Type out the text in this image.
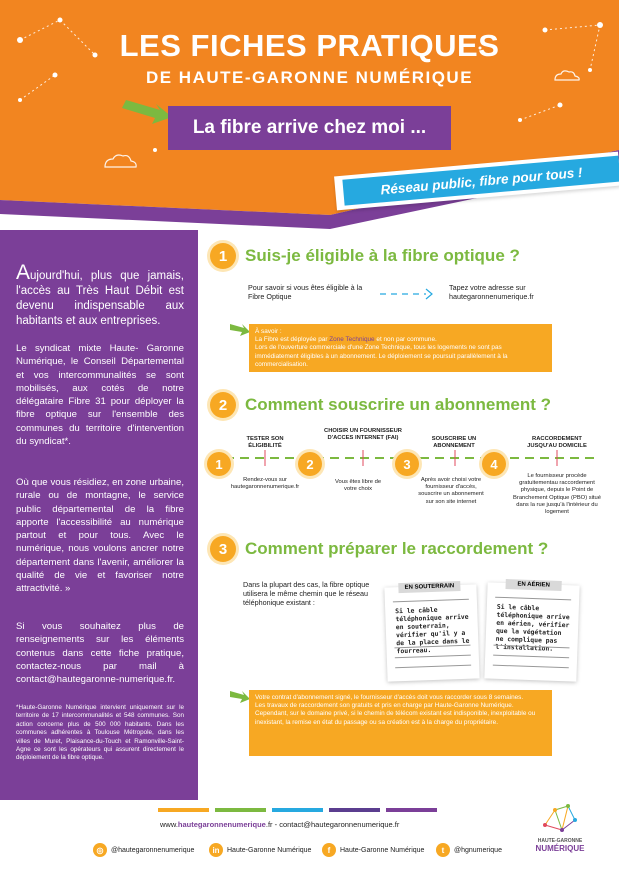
LES FICHES PRATIQUES
DE HAUTE-GARONNE NUMÉRIQUE
La fibre arrive chez moi ...
Réseau public, fibre pour tous !
Aujourd'hui, plus que jamais, l'accès au Très Haut Débit est devenu indispensable aux habitants et aux entreprises.
Le syndicat mixte Haute- Garonne Numérique, le Conseil Départemental et vos intercommunalités se sont mobilisés, aux cotés de notre délégataire Fibre 31 pour déployer la fibre optique sur l'ensemble des communes du territoire d'intervention du syndicat*.
Où que vous résidiez, en zone urbaine, rurale ou de montagne, le service public départemental de la fibre apporte l'accessibilité au numérique partout et pour tous. Avec le numérique, nous voulons ancrer notre département dans l'avenir, améliorer la qualité de vie et favoriser notre attractivité. »
Si vous souhaitez plus de renseignements sur les éléments contenus dans cette fiche pratique, contactez-nous par mail à contact@hautegaronne-numerique.fr.
*Haute-Garonne Numérique intervient uniquement sur le territoire de 17 intercommunalités et 548 communes. Son action concerne plus de 500 000 habitants. Dans les communes adhérentes à Toulouse Métropole, dans les villes de Muret, Plaisance-du-Touch et Ramonville-Saint-Agne ce sont les opérateurs qui assurent directement le déploiement de la fibre optique.
1	Suis-je éligible à la fibre optique ?
Pour savoir si vous êtes éligible à la Fibre Optique
Tapez votre adresse sur hautegaronnenumerique.fr
À savoir :
La Fibre est déployée par Zone Technique et non par commune.
Lors de l'ouverture commerciale d'une Zone Technique, tous les logements ne sont pas immédiatement éligibles à un abonnement. Le déploiement se poursuit parallèlement à la commercialisation.
2	Comment souscrire un abonnement ?
TESTER SON ÉLIGIBILITÉ
CHOISIR UN FOURNISSEUR D'ACCES INTERNET (FAI)	SOUSCRIRE UN ABONNEMENT
RACCORDEMENT JUSQU'AU DOMICILE
1	2	3	4
Rendez-vous sur hautegaronnenumerique.fr
Vous êtes libre de votre choix
Après avoir choisi votre fournisseur d'accès, souscrire un abonnement sur son site internet
Le fournisseur procède gratuitementau raccordement physique, depuis le Point de Branchement Optique (PBO) situé dans la rue jusqu'à l'intérieur du logement
3	Comment préparer le raccordement ?
Dans la plupart des cas, la fibre optique utilisera le même chemin que le réseau téléphonique existant :
EN SOUTERRAIN
Si le câble téléphonique arrive en souterrain, vérifier qu'il y a de la place dans le fourreau.
EN AÉRIEN
Si le câble téléphonique arrive en aérien, vérifier que la végétation ne complique pas l'installation.
Votre contrat d'abonnement signé, le fournisseur d'accès doit vous raccorder sous 8 semaines.
Les travaux de raccordement son gratuits et pris en charge par Haute-Garonne Numérique.
Cependant, sur le domaine privé, si le chemin de télécom existant est indisponible, inexploitable ou inexistant, la remise en état du passage ou sa création est à la charge du propriétaire.
www.hautegaronnenumerique.fr - contact@hautegaronnenumerique.fr
◎	@hautegaronnenumerique	in	Haute-Garonne Numérique	f	Haute-Garonne Numérique	t	@hgnumerique
HAUTE-GARONNE
NUMÉRIQUE
